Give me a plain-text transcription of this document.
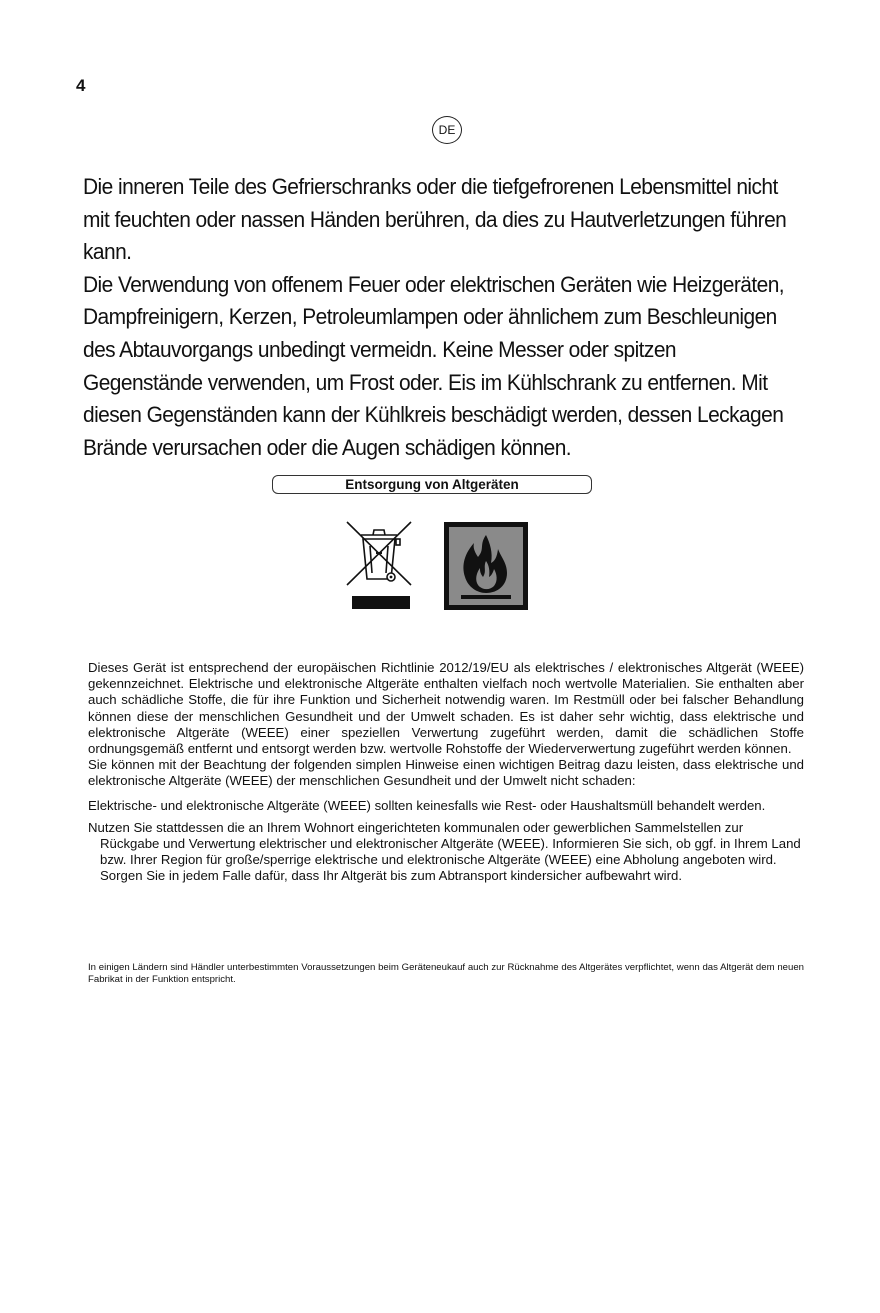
4
DE

Die inneren Teile des Gefrierschranks oder die tiefgefrorenen Lebensmittel nicht mit feuchten oder nassen Händen berühren, da dies zu Hautverletzungen führen kann.

Die Verwendung von offenem Feuer oder elektrischen Geräten wie Heizgeräten, Dampfreinigern, Kerzen, Petroleumlampen oder ähnlichem zum Beschleunigen des Abtauvorgangs unbedingt vermeidn. Keine Messer oder spitzen Gegenstände verwenden, um Frost oder. Eis im Kühlschrank zu entfernen. Mit diesen Gegenständen kann der Kühlkreis beschädigt werden, dessen Leckagen Brände verursachen oder die Augen schädigen können.

Entsorgung von Altgeräten

Dieses Gerät ist entsprechend der europäischen Richtlinie 2012/19/EU als elektrisches / elektronisches Altgerät (WEEE) gekennzeichnet. Elektrische und elektronische Altgeräte enthalten vielfach noch wertvolle Materialien. Sie enthalten aber auch schädliche Stoffe, die für ihre Funktion und Sicherheit notwendig waren. Im Restmüll oder bei falscher Behandlung können diese der menschlichen Gesundheit und der Umwelt schaden. Es ist daher sehr wichtig, dass elektrische und elektronische Altgeräte (WEEE) einer speziellen Verwertung zugeführt werden, damit die schädlichen Stoffe ordnungsgemäß entfernt und entsorgt werden bzw. wertvolle Rohstoffe der Wiederverwertung zugeführt werden können.

Sie können mit der Beachtung der folgenden simplen Hinweise einen wichtigen Beitrag dazu leisten, dass elektrische und elektronische Altgeräte (WEEE) der menschlichen Gesundheit und der Umwelt nicht schaden:

Elektrische- und elektronische Altgeräte (WEEE) sollten keinesfalls wie Rest- oder Haushaltsmüll behandelt werden.
Nutzen Sie stattdessen die an Ihrem Wohnort eingerichteten kommunalen oder gewerblichen Sammelstellen zur Rückgabe und Verwertung elektrischer und elektronischer Altgeräte (WEEE). Informieren Sie sich, ob ggf. in Ihrem Land bzw. Ihrer Region für große/sperrige elektrische und elektronische Altgeräte (WEEE) eine Abholung angeboten wird. Sorgen Sie in jedem Falle dafür, dass Ihr Altgerät bis zum Abtransport kindersicher aufbewahrt wird.
In einigen Ländern sind Händler unterbestimmten Voraussetzungen beim Geräteneukauf auch zur Rücknahme des Altgerätes verpflichtet, wenn das Altgerät dem neuen Fabrikat in der Funktion entspricht.
